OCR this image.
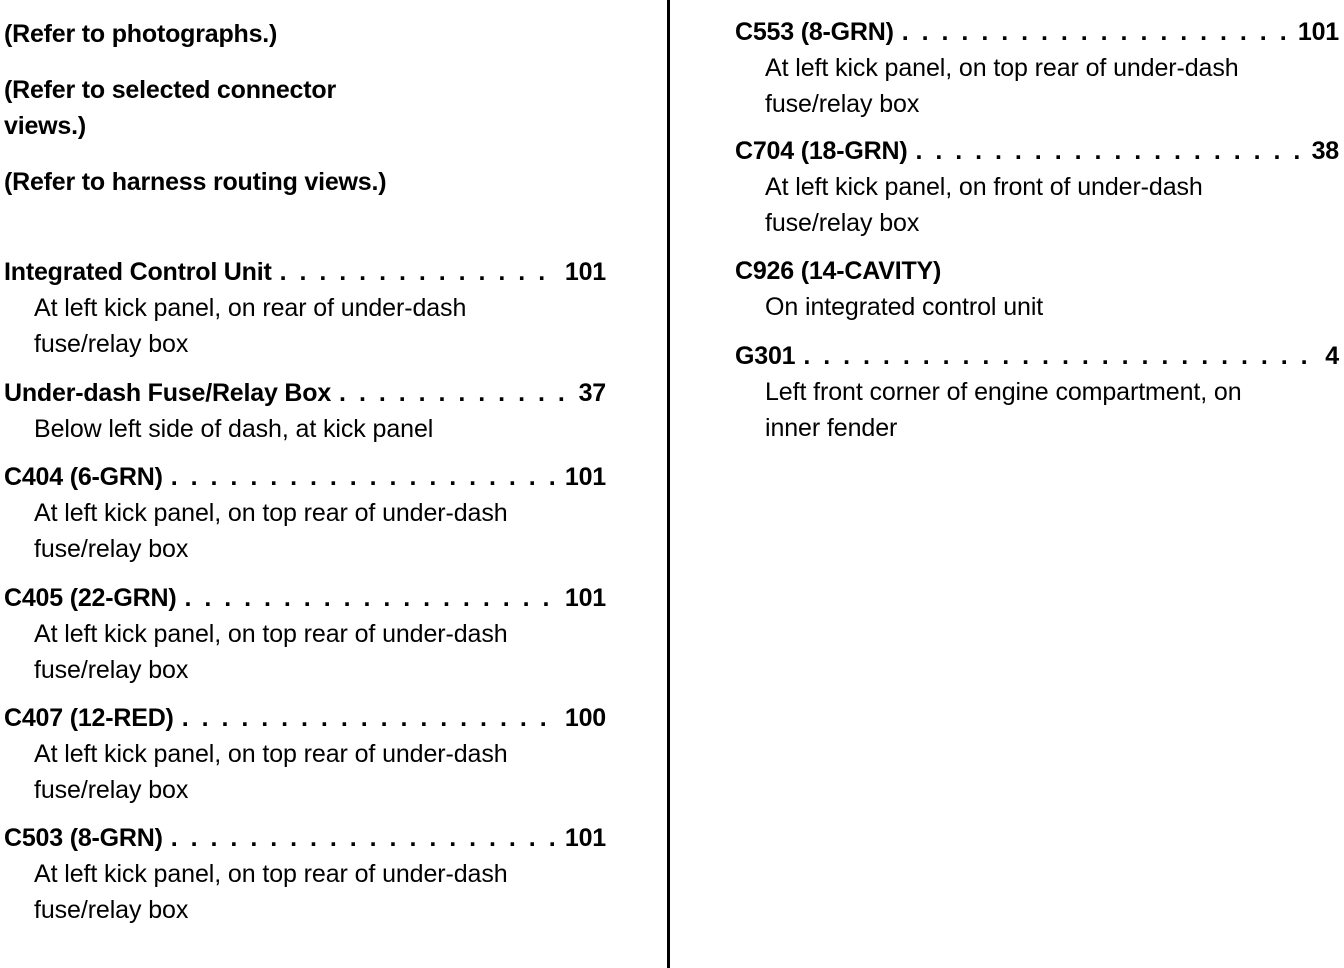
(Refer to photographs.)
(Refer to selected connector views.)
(Refer to harness routing views.)
Integrated Control Unit . . .	101
At left kick panel, on rear of under-dash fuse/relay box
Under-dash Fuse/Relay Box . . .	37
Below left side of dash, at kick panel
C404 (6-GRN) . . .	101
At left kick panel, on top rear of under-dash fuse/relay box
C405 (22-GRN) . . .	101
At left kick panel, on top rear of under-dash fuse/relay box
C407 (12-RED) . . .	100
At left kick panel, on top rear of under-dash fuse/relay box
C503 (8-GRN) . . .	101
At left kick panel, on top rear of under-dash fuse/relay box
C553 (8-GRN) . . .	101
At left kick panel, on top rear of under-dash fuse/relay box
C704 (18-GRN) . . .	38
At left kick panel, on front of under-dash fuse/relay box
C926 (14-CAVITY)
On integrated control unit
G301 . . .	4
Left front corner of engine compartment, on inner fender
